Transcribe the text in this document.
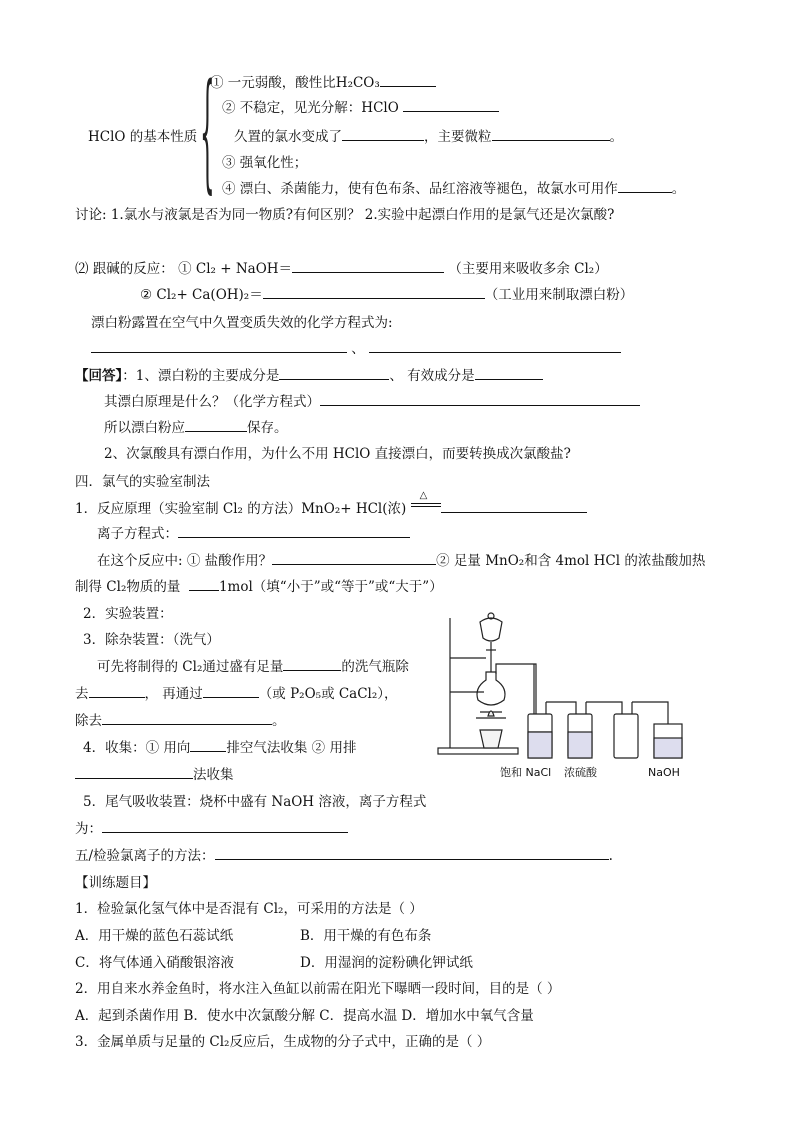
{
① 一元弱酸，酸性比H₂CO₃
② 不稳定，见光分解：HClO
HClO 的基本性质	久置的氯水变成了	，主要微粒	。
③ 强氧化性；
④ 漂白、杀菌能力，使有色布条、品红溶液等褪色，故氯水可用作	。
讨论: 1.氯水与液氯是否为同一物质?有何区别？ 2.实验中起漂白作用的是氯气还是次氯酸?
⑵ 跟碱的反应： ① Cl₂ + NaOH＝	（主要用来吸收多余 Cl₂）
② Cl₂+ Ca(OH)₂＝	（工业用来制取漂白粉）
漂白粉露置在空气中久置变质失效的化学方程式为:
、
【回答】：1、漂白粉的主要成分是	、 有效成分是
其漂白原理是什么？（化学方程式）
所以漂白粉应	保存。
2、次氯酸具有漂白作用，为什么不用 HClO 直接漂白，而要转换成次氯酸盐?
四．氯气的实验室制法
1．反应原理（实验室制 Cl₂ 的方法）MnO₂+ HCl(浓)
△
离子方程式：
在这个反应中: ① 盐酸作用？	② 足量 MnO₂和含 4mol HCl 的浓盐酸加热
制得 Cl₂物质的量	1mol（填“小于”或“等于”或“大于”）
2．实验装置：
3．除杂装置：（洗气）
可先将制得的 Cl₂通过盛有足量	的洗气瓶除
去	， 再通过	（或 P₂O₅或 CaCl₂），
除去	。
4．收集：① 用向	排空气法收集 ② 用排
法收集
5．尾气吸收装置：烧杯中盛有 NaOH 溶液，离子方程式
为：
五/检验氯离子的方法：	.
【训练题目】
1．检验氯化氢气体中是否混有 Cl₂，可采用的方法是（ ）
A．用干燥的蓝色石蕊试纸	B．用干燥的有色布条
C．将气体通入硝酸银溶液	D．用湿润的淀粉碘化钾试纸
2．用自来水养金鱼时，将水注入鱼缸以前需在阳光下曝晒一段时间，目的是（ ）
A．起到杀菌作用 B．使水中次氯酸分解 C．提高水温 D．增加水中氧气含量
3．金属单质与足量的 Cl₂反应后，生成物的分子式中，正确的是（ ）
饱和 NaCl 浓硫酸	NaOH
